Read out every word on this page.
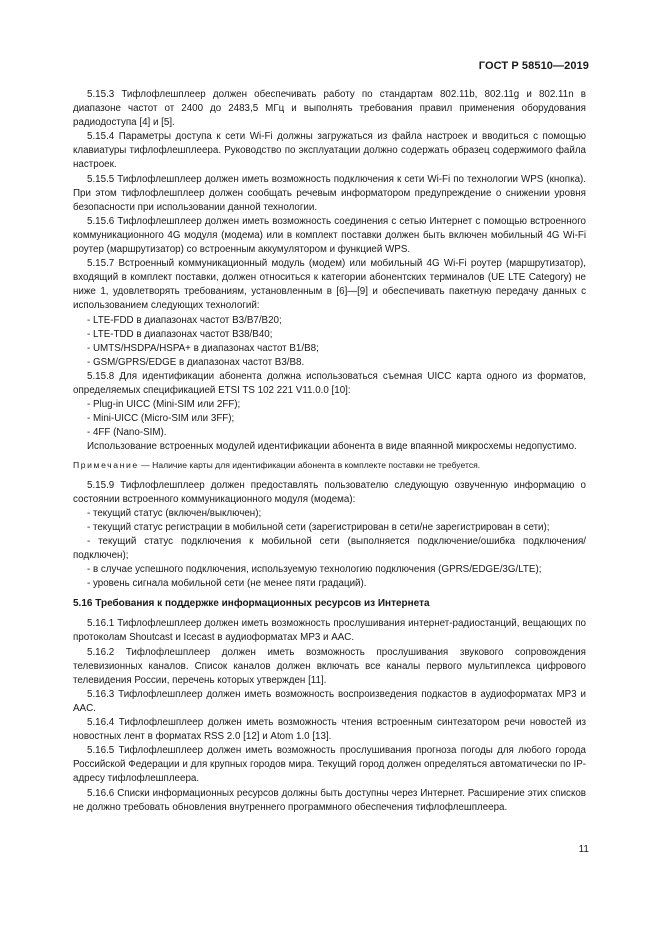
ГОСТ Р 58510—2019

5.15.3 Тифлофлешплеер должен обеспечивать работу по стандартам 802.11b, 802.11g и 802.11n в диапазоне частот от 2400 до 2483,5 МГц и выполнять требования правил применения оборудования радиодоступа [4] и [5].

5.15.4 Параметры доступа к сети Wi-Fi должны загружаться из файла настроек и вводиться с помощью клавиатуры тифлофлешплеера. Руководство по эксплуатации должно содержать образец содержимого файла настроек.

5.15.5 Тифлофлешплеер должен иметь возможность подключения к сети Wi-Fi по технологии WPS (кнопка). При этом тифлофлешплеер должен сообщать речевым информатором предупреждение о снижении уровня безопасности при использовании данной технологии.

5.15.6 Тифлофлешплеер должен иметь возможность соединения с сетью Интернет с помощью встроенного коммуникационного 4G модуля (модема) или в комплект поставки должен быть включен мобильный 4G Wi-Fi роутер (маршрутизатор) со встроенным аккумулятором и функцией WPS.

5.15.7 Встроенный коммуникационный модуль (модем) или мобильный 4G Wi-Fi роутер (маршрутизатор), входящий в комплект поставки, должен относиться к категории абонентских терминалов (UE LTE Category) не ниже 1, удовлетворять требованиям, установленным в [6]—[9] и обеспечивать пакетную передачу данных с использованием следующих технологий:

- LTE-FDD в диапазонах частот B3/B7/B20;

- LTE-TDD в диапазонах частот B38/B40;

- UMTS/HSDPA/HSPA+ в диапазонах частот B1/B8;

- GSM/GPRS/EDGE в диапазонах частот B3/B8.

5.15.8 Для идентификации абонента должна использоваться съемная UICC карта одного из форматов, определяемых спецификацией ETSI TS 102 221 V11.0.0 [10]:

- Plug-in UICC (Mini-SIM или 2FF);

- Mini-UICC (Micro-SIM или 3FF);

- 4FF (Nano-SIM).

Использование встроенных модулей идентификации абонента в виде впаянной микросхемы недопустимо.

Примечание — Наличие карты для идентификации абонента в комплекте поставки не требуется.

5.15.9 Тифлофлешплеер должен предоставлять пользователю следующую озвученную информацию о состоянии встроенного коммуникационного модуля (модема):

- текущий статус (включен/выключен);

- текущий статус регистрации в мобильной сети (зарегистрирован в сети/не зарегистрирован в сети);

- текущий статус подключения к мобильной сети (выполняется подключение/ошибка подключения/подключен);

- в случае успешного подключения, используемую технологию подключения (GPRS/EDGE/3G/LTE);

- уровень сигнала мобильной сети (не менее пяти градаций).

5.16 Требования к поддержке информационных ресурсов из Интернета

5.16.1 Тифлофлешплеер должен иметь возможность прослушивания интернет-радиостанций, вещающих по протоколам Shoutcast и Icecast в аудиоформатах MP3 и AAC.

5.16.2 Тифлофлешплеер должен иметь возможность прослушивания звукового сопровождения телевизионных каналов. Список каналов должен включать все каналы первого мультиплекса цифрового телевидения России, перечень которых утвержден [11].

5.16.3 Тифлофлешплеер должен иметь возможность воспроизведения подкастов в аудиоформатах MP3 и AAC.

5.16.4 Тифлофлешплеер должен иметь возможность чтения встроенным синтезатором речи новостей из новостных лент в форматах RSS 2.0 [12] и Atom 1.0 [13].

5.16.5 Тифлофлешплеер должен иметь возможность прослушивания прогноза погоды для любого города Российской Федерации и для крупных городов мира. Текущий город должен определяться автоматически по IP-адресу тифлофлешплеера.

5.16.6 Списки информационных ресурсов должны быть доступны через Интернет. Расширение этих списков не должно требовать обновления внутреннего программного обеспечения тифлофлешплеера.

11
